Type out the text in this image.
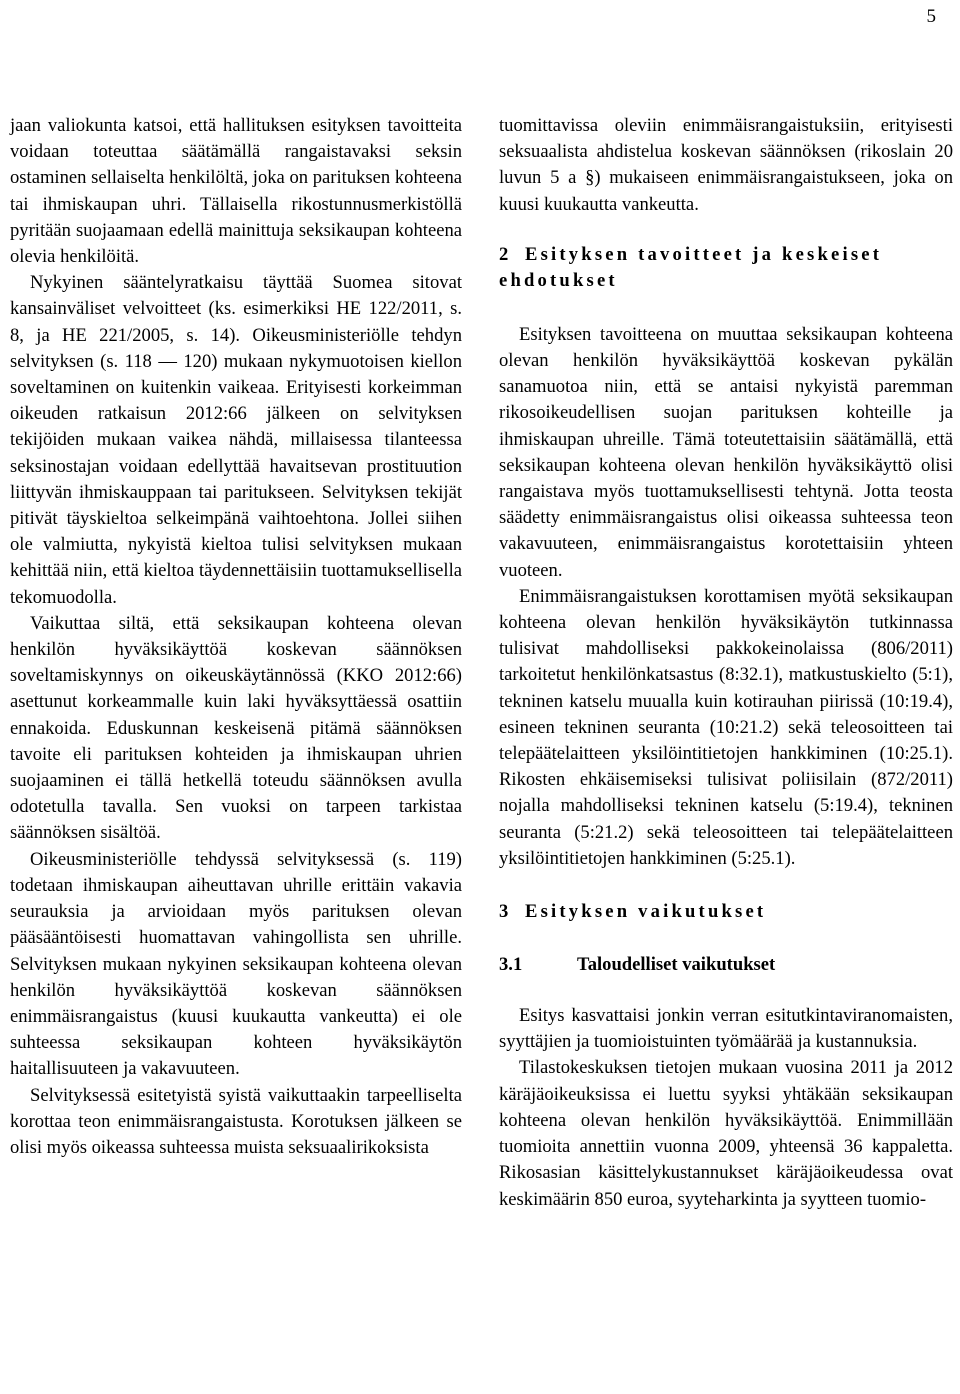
5

jaan valiokunta katsoi, että hallituksen esityksen tavoitteita voidaan toteuttaa säätämällä rangaistavaksi seksin ostaminen sellaiselta henkilöltä, joka on parituksen kohteena tai ihmiskaupan uhri. Tällaisella rikostunnusmerkistöllä pyritään suojaamaan edellä mainittuja seksikaupan kohteena olevia henkilöitä.

Nykyinen sääntelyratkaisu täyttää Suomea sitovat kansainväliset velvoitteet (ks. esimerkiksi HE 122/2011, s. 8, ja HE 221/2005, s. 14). Oikeusministeriölle tehdyn selvityksen (s. 118 — 120) mukaan nykymuotoisen kiellon soveltaminen on kuitenkin vaikeaa. Erityisesti korkeimman oikeuden ratkaisun 2012:66 jälkeen on selvityksen tekijöiden mukaan vaikea nähdä, millaisessa tilanteessa seksinostajan voidaan edellyttää havaitsevan prostituution liittyvän ihmiskauppaan tai paritukseen. Selvityksen tekijät pitivät täyskieltoa selkeimpänä vaihtoehtona. Jollei siihen ole valmiutta, nykyistä kieltoa tulisi selvityksen mukaan kehittää niin, että kieltoa täydennettäisiin tuottamuksellisella tekomuodolla.

Vaikuttaa siltä, että seksikaupan kohteena olevan henkilön hyväksikäyttöä koskevan säännöksen soveltamiskynnys on oikeuskäytännössä (KKO 2012:66) asettunut korkeammalle kuin laki hyväksyttäessä osattiin ennakoida. Eduskunnan keskeisenä pitämä säännöksen tavoite eli parituksen kohteiden ja ihmiskaupan uhrien suojaaminen ei tällä hetkellä toteudu säännöksen avulla odotetulla tavalla. Sen vuoksi on tarpeen tarkistaa säännöksen sisältöä.

Oikeusministeriölle tehdyssä selvityksessä (s. 119) todetaan ihmiskaupan aiheuttavan uhrille erittäin vakavia seurauksia ja arvioidaan myös parituksen olevan pääsääntöisesti huomattavan vahingollista sen uhrille. Selvityksen mukaan nykyinen seksikaupan kohteena olevan henkilön hyväksikäyttöä koskevan säännöksen enimmäisrangaistus (kuusi kuukautta vankeutta) ei ole suhteessa seksikaupan kohteen hyväksikäytön haitallisuuteen ja vakavuuteen.

Selvityksessä esitetyistä syistä vaikuttaakin tarpeelliselta korottaa teon enimmäisrangaistusta. Korotuksen jälkeen se olisi myös oikeassa suhteessa muista seksuaalirikoksista

tuomittavissa oleviin enimmäisrangaistuksiin, erityisesti seksuaalista ahdistelua koskevan säännöksen (rikoslain 20 luvun 5 a §) mukaiseen enimmäisrangaistukseen, joka on kuusi kuukautta vankeutta.

2 Esityksen tavoitteet ja keskeiset ehdotukset

Esityksen tavoitteena on muuttaa seksikaupan kohteena olevan henkilön hyväksikäyttöä koskevan pykälän sanamuotoa niin, että se antaisi nykyistä paremman rikosoikeudellisen suojan parituksen kohteille ja ihmiskaupan uhreille. Tämä toteutettaisiin säätämällä, että seksikaupan kohteena olevan henkilön hyväksikäyttö olisi rangaistava myös tuottamuksellisesti tehtynä. Jotta teosta säädetty enimmäisrangaistus olisi oikeassa suhteessa teon vakavuuteen, enimmäisrangaistus korotettaisiin yhteen vuoteen.

Enimmäisrangaistuksen korottamisen myötä seksikaupan kohteena olevan henkilön hyväksikäytön tutkinnassa tulisivat mahdolliseksi pakkokeinolaissa (806/2011) tarkoitetut henkilönkatsastus (8:32.1), matkustuskielto (5:1), tekninen katselu muualla kuin kotirauhan piirissä (10:19.4), esineen tekninen seuranta (10:21.2) sekä teleosoitteen tai telepäätelaitteen yksilöintitietojen hankkiminen (10:25.1). Rikosten ehkäisemiseksi tulisivat poliisilain (872/2011) nojalla mahdolliseksi tekninen katselu (5:19.4), tekninen seuranta (5:21.2) sekä teleosoitteen tai telepäätelaitteen yksilöintitietojen hankkiminen (5:25.1).

3 Esityksen vaikutukset
3.1	Taloudelliset vaikutukset

Esitys kasvattaisi jonkin verran esitutkintaviranomaisten, syyttäjien ja tuomioistuinten työmäärää ja kustannuksia.

Tilastokeskuksen tietojen mukaan vuosina 2011 ja 2012 käräjäoikeuksissa ei luettu syyksi yhtäkään seksikaupan kohteena olevan henkilön hyväksikäyttöä. Enimmillään tuomioita annettiin vuonna 2009, yhteensä 36 kappaletta. Rikosasian käsittelykustannukset käräjäoikeudessa ovat keskimäärin 850 euroa, syyteharkinta ja syytteen tuomio-
